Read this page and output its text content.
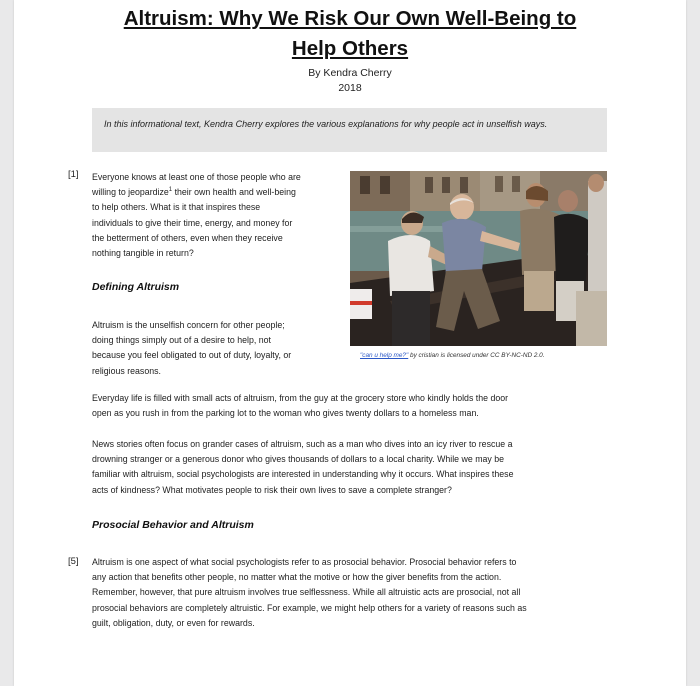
Altruism: Why We Risk Our Own Well-Being to
Help Others
By Kendra Cherry
2018
In this informational text, Kendra Cherry explores the various explanations for why people act in unselfish ways.
[1] Everyone knows at least one of those people who are
willing to jeopardize$^1$ their own health and well-being
to help others. What is it that inspires these
individuals to give their time, energy, and money for
the betterment of others, even when they receive
nothing tangible in return?
Defining Altruism
Altruism is the unselfish concern for other people;
doing things simply out of a desire to help, not
because you feel obligated to out of duty, loyalty, or
religious reasons.
"can u help me?" by cristian is licensed under CC BY-NC-ND 2.0.
Everyday life is filled with small acts of altruism, from the guy at the grocery store who kindly holds the door
open as you rush in from the parking lot to the woman who gives twenty dollars to a homeless man.
News stories often focus on grander cases of altruism, such as a man who dives into an icy river to rescue a
drowning stranger or a generous donor who gives thousands of dollars to a local charity. While we may be
familiar with altruism, social psychologists are interested in understanding why it occurs. What inspires these
acts of kindness? What motivates people to risk their own lives to save a complete stranger?
Prosocial Behavior and Altruism
[5] Altruism is one aspect of what social psychologists refer to as prosocial behavior. Prosocial behavior refers to
any action that benefits other people, no matter what the motive or how the giver benefits from the action.
Remember, however, that pure altruism involves true selflessness. While all altruistic acts are prosocial, not all
prosocial behaviors are completely altruistic. For example, we might help others for a variety of reasons such as
guilt, obligation, duty, or even for rewards.
